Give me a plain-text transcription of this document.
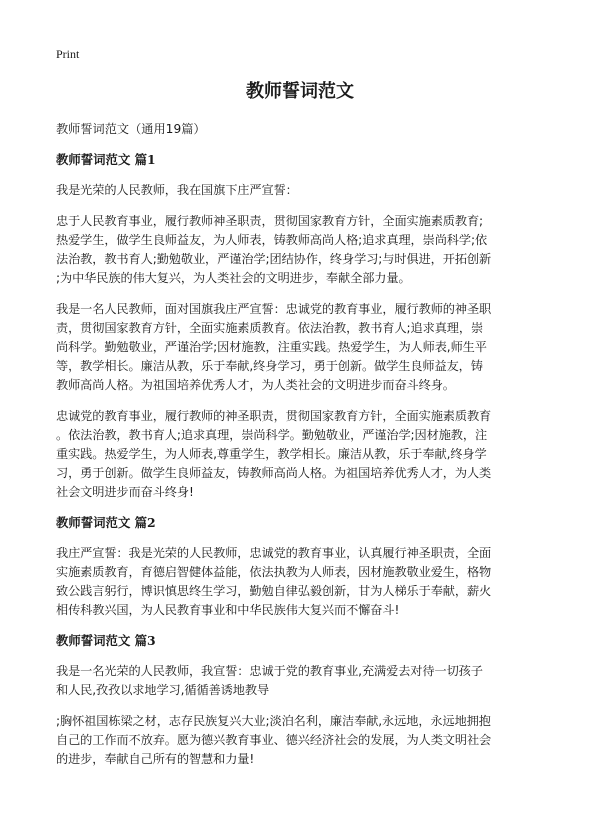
Print
教师誓词范文
教师誓词范文（通用19篇）
教师誓词范文 篇1
我是光荣的人民教师，我在国旗下庄严宣誓：
忠于人民教育事业，履行教师神圣职责，贯彻国家教育方针，全面实施素质教育;
热爱学生，做学生良师益友，为人师表，铸教师高尚人格;追求真理，崇尚科学;依
法治教，教书育人;勤勉敬业，严谨治学;团结协作，终身学习;与时俱进，开拓创新
;为中华民族的伟大复兴，为人类社会的文明进步，奉献全部力量。
我是一名人民教师，面对国旗我庄严宣誓：忠诚党的教育事业，履行教师的神圣职
责，贯彻国家教育方针，全面实施素质教育。依法治教，教书育人;追求真理，崇
尚科学。勤勉敬业，严谨治学;因材施教，注重实践。热爱学生，为人师表,师生平
等，教学相长。廉洁从教，乐于奉献,终身学习，勇于创新。做学生良师益友，铸
教师高尚人格。为祖国培养优秀人才，为人类社会的文明进步而奋斗终身。
忠诚党的教育事业，履行教师的神圣职责，贯彻国家教育方针，全面实施素质教育
。依法治教，教书育人;追求真理，崇尚科学。勤勉敬业，严谨治学;因材施教，注
重实践。热爱学生，为人师表,尊重学生，教学相长。廉洁从教，乐于奉献,终身学
习，勇于创新。做学生良师益友，铸教师高尚人格。为祖国培养优秀人才，为人类
社会文明进步而奋斗终身!
教师誓词范文 篇2
我庄严宣誓：我是光荣的人民教师，忠诚党的教育事业，认真履行神圣职责，全面
实施素质教育，育德启智健体益能，依法执教为人师表，因材施教敬业爱生，格物
致公践言躬行，博识慎思终生学习，勤勉自律弘毅创新，甘为人梯乐于奉献，薪火
相传科教兴国，为人民教育事业和中华民族伟大复兴而不懈奋斗!
教师誓词范文 篇3
我是一名光荣的人民教师，我宣誓：忠诚于党的教育事业,充满爱去对待一切孩子
和人民,孜孜以求地学习,循循善诱地教导
;胸怀祖国栋梁之材，志存民族复兴大业;淡泊名利，廉洁奉献,永远地，永远地拥抱
自己的工作而不放弃。愿为德兴教育事业、德兴经济社会的发展，为人类文明社会
的进步，奉献自己所有的智慧和力量!
